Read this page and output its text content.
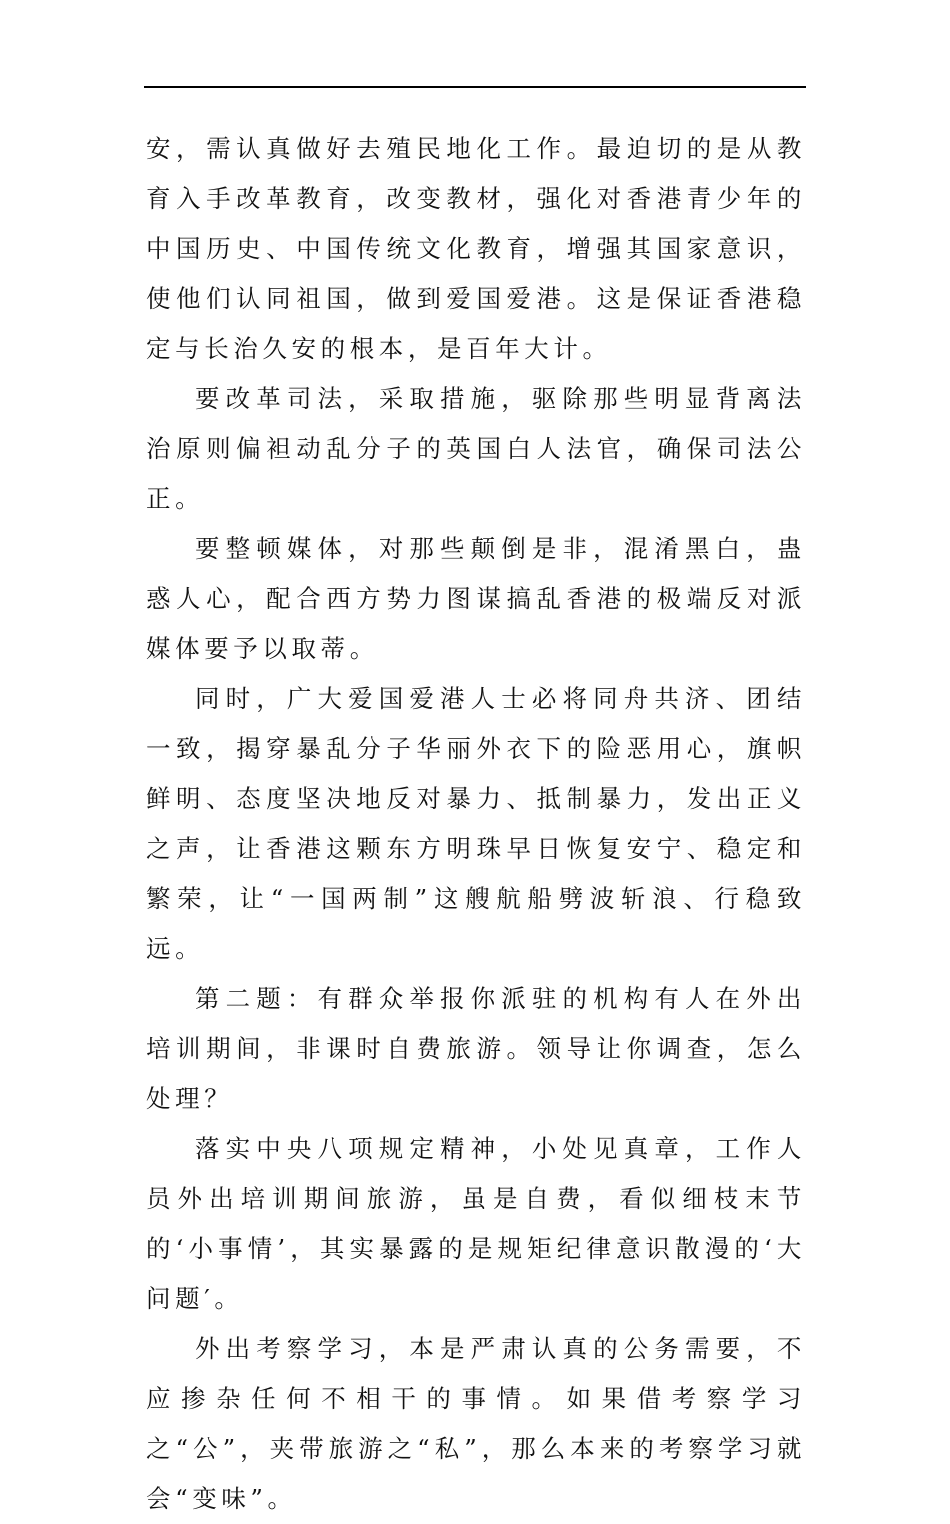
安，需认真做好去殖民地化工作。最迫切的是从教育入手改革教育，改变教材，强化对香港青少年的中国历史、中国传统文化教育，增强其国家意识，使他们认同祖国，做到爱国爱港。这是保证香港稳定与长治久安的根本，是百年大计。

要改革司法，采取措施，驱除那些明显背离法治原则偏袒动乱分子的英国白人法官，确保司法公正。

要整顿媒体，对那些颠倒是非，混淆黑白，蛊惑人心，配合西方势力图谋搞乱香港的极端反对派媒体要予以取蒂。

同时，广大爱国爱港人士必将同舟共济、团结一致，揭穿暴乱分子华丽外衣下的险恶用心，旗帜鲜明、态度坚决地反对暴力、抵制暴力，发出正义之声，让香港这颗东方明珠早日恢复安宁、稳定和繁荣，让“一国两制”这艘航船劈波斩浪、行稳致远。

第二题：有群众举报你派驻的机构有人在外出培训期间，非课时自费旅游。领导让你调查，怎么处理？

落实中央八项规定精神，小处见真章，工作人员外出培训期间旅游，虽是自费，看似细枝末节的‘小事情’，其实暴露的是规矩纪律意识散漫的‘大问题′。

外出考察学习，本是严肃认真的公务需要，不应掺杂任何不相干的事情。如果借考察学习之“公”，夹带旅游之“私”，那么本来的考察学习就会“变味”。
